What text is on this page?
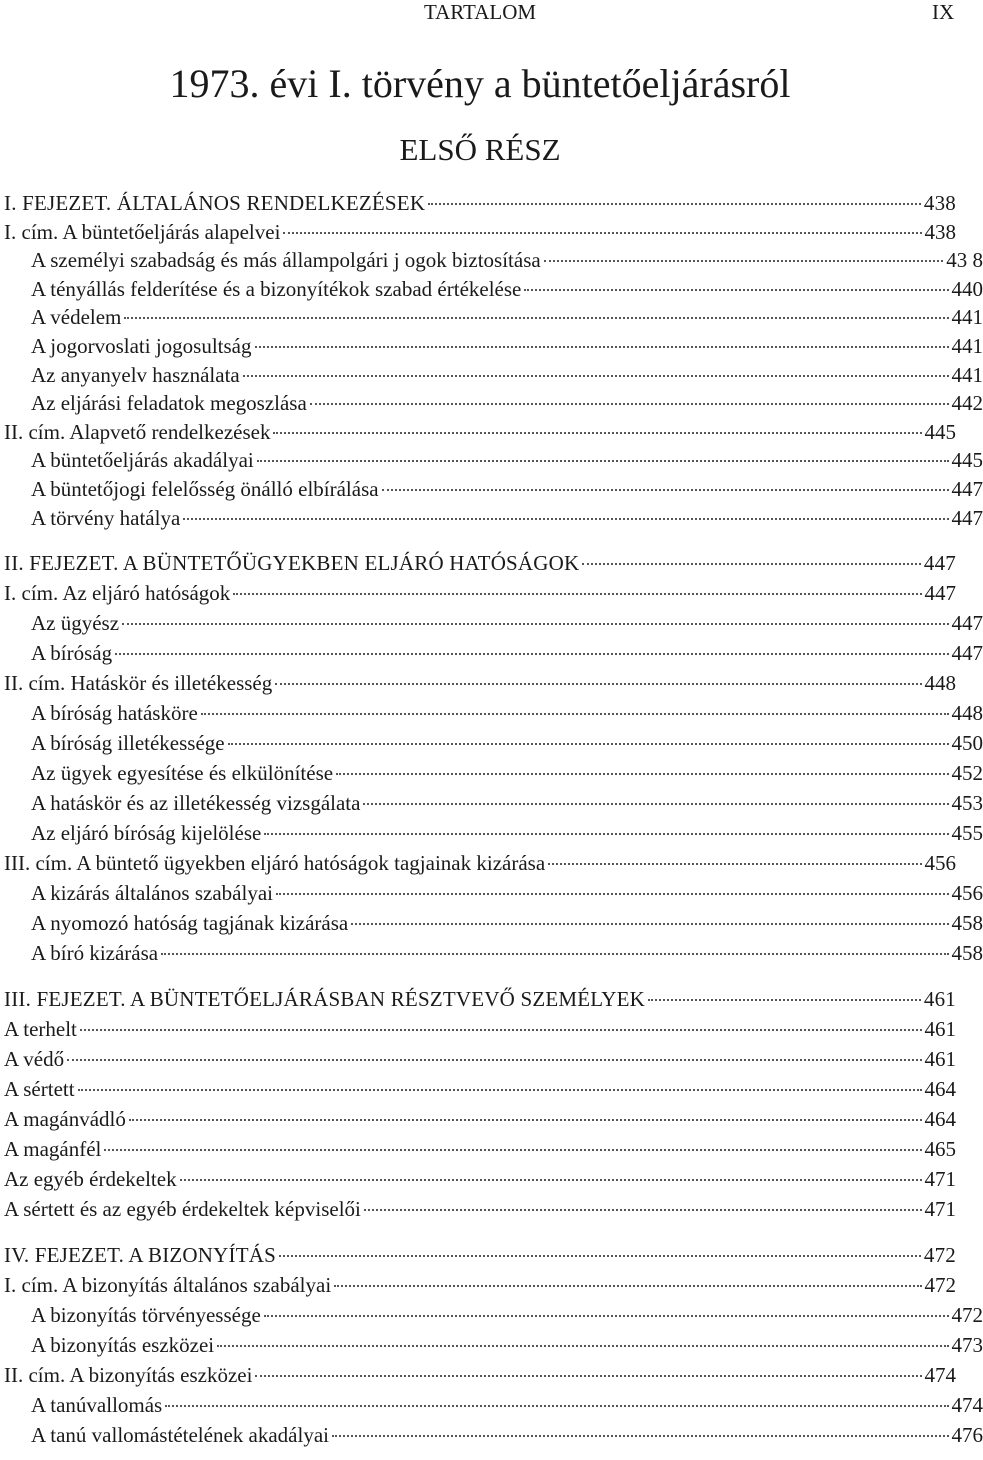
TARTALOM	IX
1973. évi I. törvény a büntetőeljárásról
ELSŐ RÉSZ
I. FEJEZET. ÁLTALÁNOS RENDELKEZÉSEK	438
I. cím. A büntetőeljárás alapelvei	438
A személyi szabadság és más állampolgári j ogok biztosítása	43 8
A tényállás felderítése és a bizonyítékok szabad értékelése	440
A védelem	441
A jogorvoslati jogosultság	441
Az anyanyelv használata	441
Az eljárási feladatok megoszlása	442
II. cím. Alapvető rendelkezések	445
A büntetőeljárás akadályai	445
A büntetőjogi felelősség önálló elbírálása	447
A törvény hatálya	447
II. FEJEZET. A BÜNTETŐÜGYEKBEN ELJÁRÓ HATÓSÁGOK	447
I. cím. Az eljáró hatóságok	447
Az ügyész	447
A bíróság	447
II. cím. Hatáskör és illetékesség	448
A bíróság hatásköre	448
A bíróság illetékessége	450
Az ügyek egyesítése és elkülönítése	452
A hatáskör és az illetékesség vizsgálata	453
Az eljáró bíróság kijelölése	455
III. cím. A büntető ügyekben eljáró hatóságok tagjainak kizárása	456
A kizárás általános szabályai	456
A nyomozó hatóság tagjának kizárása	458
A bíró kizárása	458
III. FEJEZET. A BÜNTETŐELJÁRÁSBAN RÉSZTVEVŐ SZEMÉLYEK	461
A terhelt	461
A védő	461
A sértett	464
A magánvádló	464
A magánfél	465
Az egyéb érdekeltek	471
A sértett és az egyéb érdekeltek képviselői	471
IV. FEJEZET. A BIZONYÍTÁS	472
I. cím. A bizonyítás általános szabályai	472
A bizonyítás törvényessége	472
A bizonyítás eszközei	473
II. cím. A bizonyítás eszközei	474
A tanúvallomás	474
A tanú vallomástételének akadályai	476
